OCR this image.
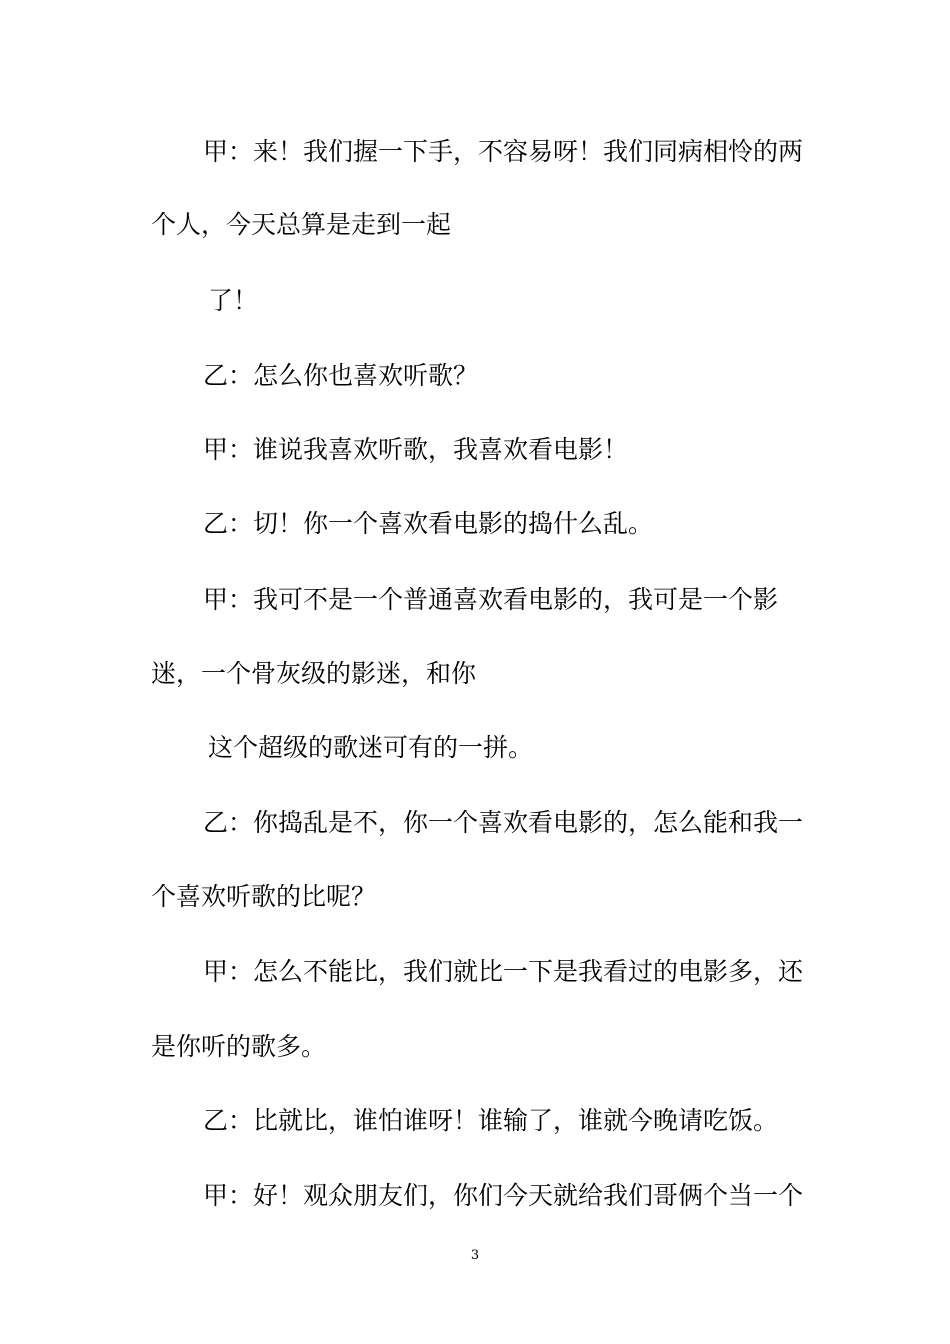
甲：来！我们握一下手，不容易呀！我们同病相怜的两
个人，今天总算是走到一起
了！
乙：怎么你也喜欢听歌？
甲：谁说我喜欢听歌，我喜欢看电影！
乙：切！你一个喜欢看电影的捣什么乱。
甲：我可不是一个普通喜欢看电影的，我可是一个影
迷，一个骨灰级的影迷，和你
这个超级的歌迷可有的一拼。
乙：你捣乱是不，你一个喜欢看电影的，怎么能和我一
个喜欢听歌的比呢？
甲：怎么不能比，我们就比一下是我看过的电影多，还
是你听的歌多。
乙：比就比，谁怕谁呀！谁输了，谁就今晚请吃饭。
甲：好！观众朋友们，你们今天就给我们哥俩个当一个
3
